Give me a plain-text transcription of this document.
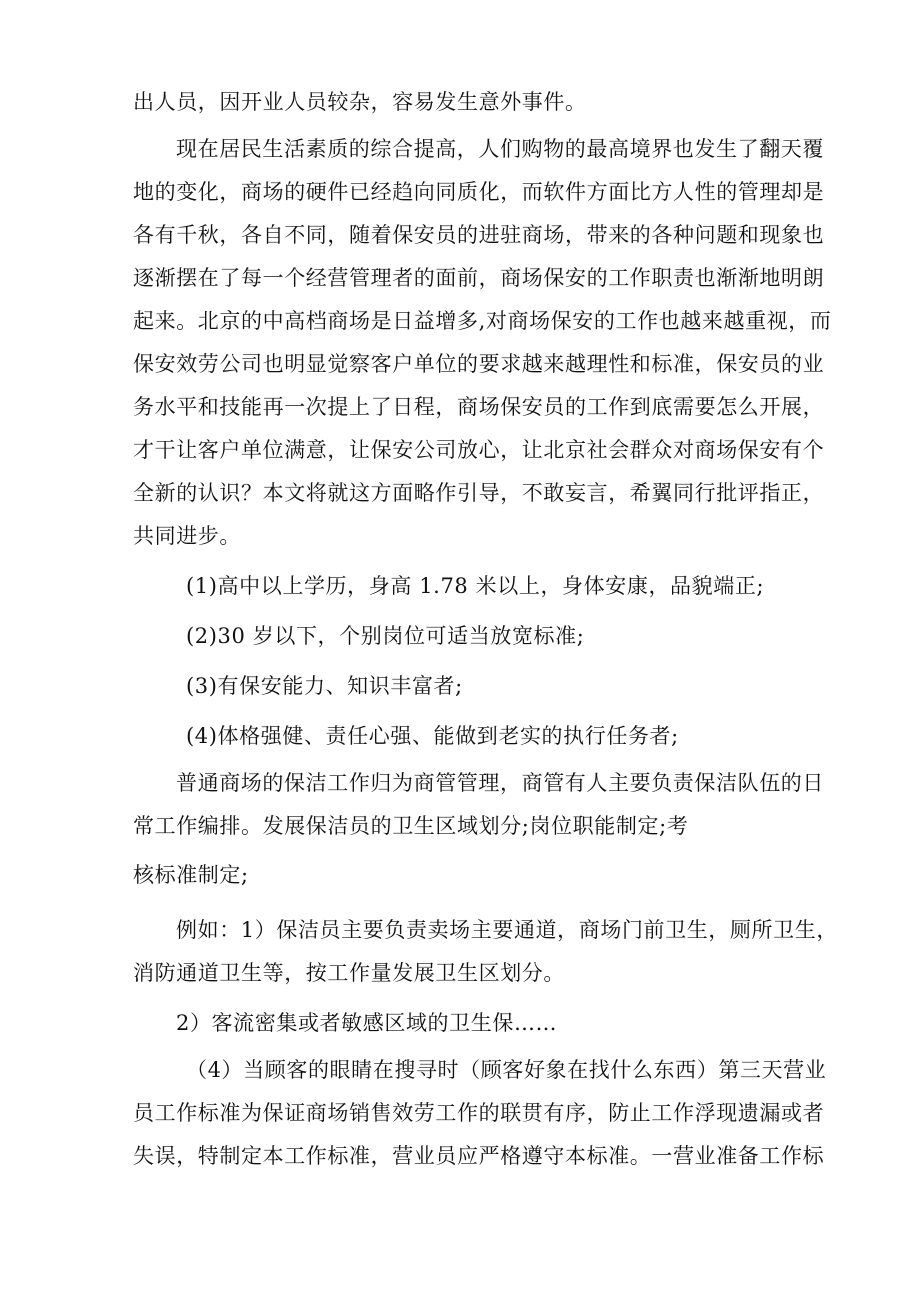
出人员，因开业人员较杂，容易发生意外事件。
现在居民生活素质的综合提高，人们购物的最高境界也发生了翻天覆
地的变化，商场的硬件已经趋向同质化，而软件方面比方人性的管理却是
各有千秋，各自不同，随着保安员的进驻商场，带来的各种问题和现象也
逐渐摆在了每一个经营管理者的面前，商场保安的工作职责也渐渐地明朗
起来。北京的中高档商场是日益增多,对商场保安的工作也越来越重视，而
保安效劳公司也明显觉察客户单位的要求越来越理性和标准，保安员的业
务水平和技能再一次提上了日程，商场保安员的工作到底需要怎么开展，
才干让客户单位满意，让保安公司放心，让北京社会群众对商场保安有个
全新的认识？本文将就这方面略作引导，不敢妄言，希翼同行批评指正，
共同进步。
(1)高中以上学历，身高 1.78 米以上，身体安康，品貌端正;
(2)30 岁以下，个别岗位可适当放宽标准;
(3)有保安能力、知识丰富者;
(4)体格强健、责任心强、能做到老实的执行任务者;
普通商场的保洁工作归为商管管理，商管有人主要负责保洁队伍的日
常工作编排。发展保洁员的卫生区域划分;岗位职能制定;考
核标准制定;
例如：1）保洁员主要负责卖场主要通道，商场门前卫生，厕所卫生，
消防通道卫生等，按工作量发展卫生区划分。
2）客流密集或者敏感区域的卫生保……
（4）当顾客的眼睛在搜寻时（顾客好象在找什么东西）第三天营业
员工作标准为保证商场销售效劳工作的联贯有序，防止工作浮现遗漏或者
失误，特制定本工作标准，营业员应严格遵守本标准。一营业准备工作标
